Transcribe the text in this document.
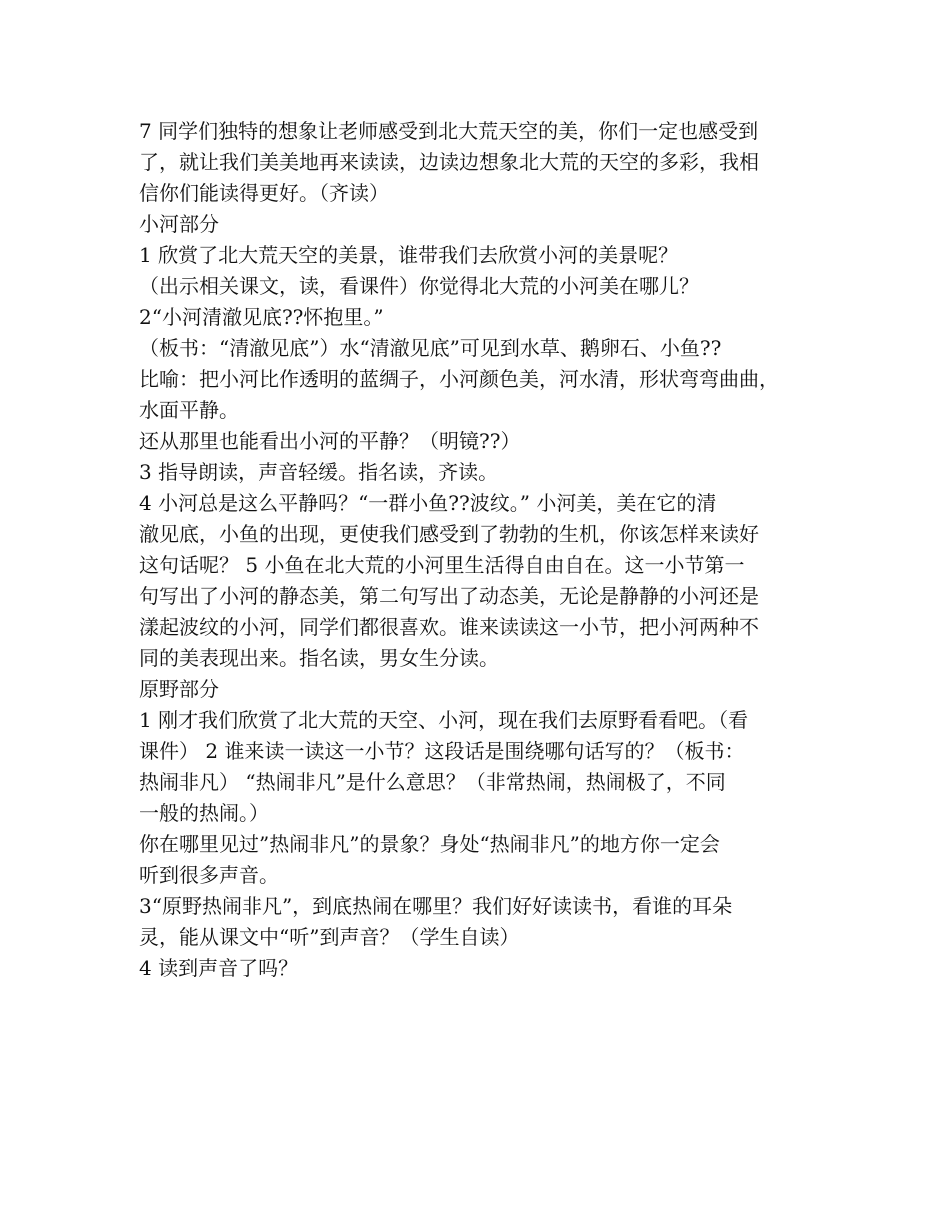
7 同学们独特的想象让老师感受到北大荒天空的美，你们一定也感受到
了，就让我们美美地再来读读，边读边想象北大荒的天空的多彩，我相
信你们能读得更好。（齐读）
小河部分
1 欣赏了北大荒天空的美景，谁带我们去欣赏小河的美景呢？
（出示相关课文，读，看课件）你觉得北大荒的小河美在哪儿？
2“小河清澈见底??怀抱里。”
（板书：“清澈见底”）水“清澈见底”可见到水草、鹅卵石、小鱼??
比喻：把小河比作透明的蓝绸子，小河颜色美，河水清，形状弯弯曲曲，
水面平静。
还从那里也能看出小河的平静？（明镜??）
3 指导朗读，声音轻缓。指名读，齐读。
4 小河总是这么平静吗？“一群小鱼??波纹。” 小河美，美在它的清
澈见底，小鱼的出现，更使我们感受到了勃勃的生机，你该怎样来读好
这句话呢？ 5 小鱼在北大荒的小河里生活得自由自在。这一小节第一
句写出了小河的静态美，第二句写出了动态美，无论是静静的小河还是
漾起波纹的小河，同学们都很喜欢。谁来读读这一小节，把小河两种不
同的美表现出来。指名读，男女生分读。
原野部分
1 刚才我们欣赏了北大荒的天空、小河，现在我们去原野看看吧。（看
课件） 2 谁来读一读这一小节？这段话是围绕哪句话写的？（板书：
热闹非凡） “热闹非凡”是什么意思？（非常热闹，热闹极了，不同
一般的热闹。）
你在哪里见过”热闹非凡”的景象？身处“热闹非凡”的地方你一定会
听到很多声音。
3“原野热闹非凡”，到底热闹在哪里？我们好好读读书，看谁的耳朵
灵，能从课文中“听”到声音？（学生自读）
4 读到声音了吗？
